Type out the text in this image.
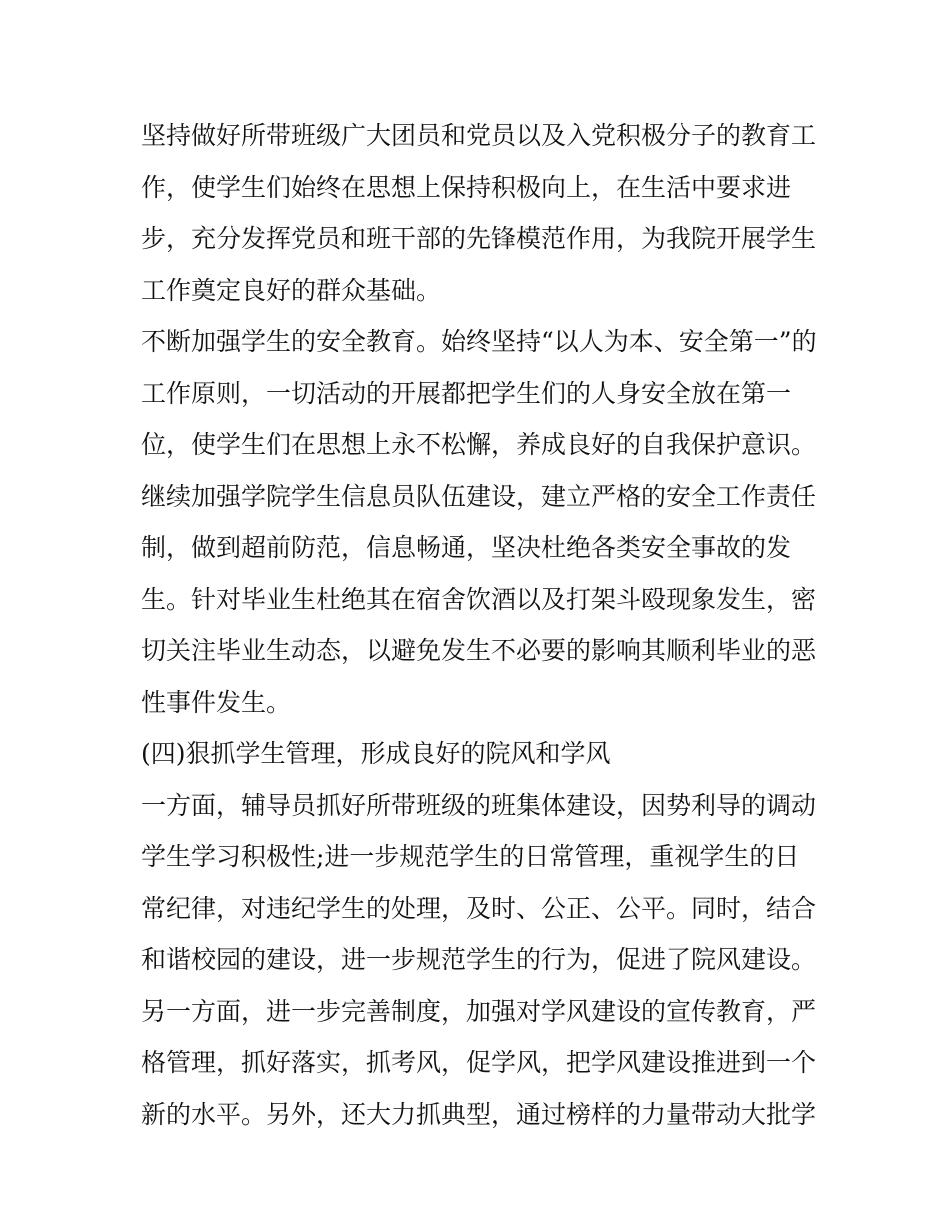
坚持做好所带班级广大团员和党员以及入党积极分子的教育工
作，使学生们始终在思想上保持积极向上，在生活中要求进
步，充分发挥党员和班干部的先锋模范作用，为我院开展学生
工作奠定良好的群众基础。
不断加强学生的安全教育。始终坚持“以人为本、安全第一”的
工作原则，一切活动的开展都把学生们的人身安全放在第一
位，使学生们在思想上永不松懈，养成良好的自我保护意识。
继续加强学院学生信息员队伍建设，建立严格的安全工作责任
制，做到超前防范，信息畅通，坚决杜绝各类安全事故的发
生。针对毕业生杜绝其在宿舍饮酒以及打架斗殴现象发生，密
切关注毕业生动态，以避免发生不必要的影响其顺利毕业的恶
性事件发生。
(四)狠抓学生管理，形成良好的院风和学风
一方面，辅导员抓好所带班级的班集体建设，因势利导的调动
学生学习积极性;进一步规范学生的日常管理，重视学生的日
常纪律，对违纪学生的处理，及时、公正、公平。同时，结合
和谐校园的建设，进一步规范学生的行为，促进了院风建设。
另一方面，进一步完善制度，加强对学风建设的宣传教育，严
格管理，抓好落实，抓考风，促学风，把学风建设推进到一个
新的水平。另外，还大力抓典型，通过榜样的力量带动大批学
